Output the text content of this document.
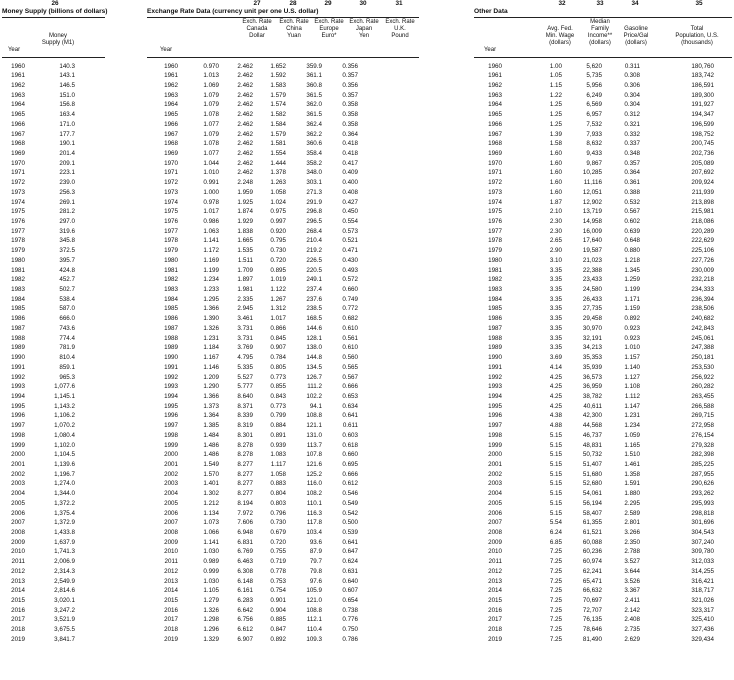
26
Money Supply (billions of dollars)
Money
Supply (M1)
Year
1960	140.3
1961	143.1
1962	146.5
1963	151.0
1964	156.8
1965	163.4
1966	171.0
1967	177.7
1968	190.1
1969	201.4
1970	209.1
1971	223.1
1972	239.0
1973	256.3
1974	269.1
1975	281.2
1976	297.0
1977	319.6
1978	345.8
1979	372.5
1980	395.7
1981	424.8
1982	452.7
1983	502.7
1984	538.4
1985	587.0
1986	666.0
1987	743.6
1988	774.4
1989	781.9
1990	810.4
1991	859.1
1992	965.3
1993	1,077.6
1994	1,145.1
1995	1,143.2
1996	1,106.2
1997	1,070.2
1998	1,080.4
1999	1,102.0
2000	1,104.5
2001	1,139.6
2002	1,196.7
2003	1,274.0
2004	1,344.0
2005	1,372.2
2006	1,375.4
2007	1,372.9
2008	1,433.8
2009	1,637.9
2010	1,741.3
2011	2,006.9
2012	2,314.3
2013	2,549.9
2014	2,814.6
2015	3,020.1
2016	3,247.2
2017	3,521.9
2018	3,675.5
2019	3,841.7
27	28	29	30	31
Exchange Rate Data (currency unit per one U.S. dollar)
Exch. Rate
Canada
Dollar
Exch. Rate
China
Yuan
Exch. Rate
Europe
Euro*
Exch. Rate
Japan
Yen
Exch. Rate
U.K.
Pound
Year
1960	0.970	2.462	1.652	359.9	0.356
1961	1.013	2.462	1.592	361.1	0.357
1962	1.069	2.462	1.583	360.8	0.356
1963	1.079	2.462	1.579	361.5	0.357
1964	1.079	2.462	1.574	362.0	0.358
1965	1.078	2.462	1.582	361.5	0.358
1966	1.077	2.462	1.584	362.4	0.358
1967	1.079	2.462	1.579	362.2	0.364
1968	1.078	2.462	1.581	360.6	0.418
1969	1.077	2.462	1.554	358.4	0.418
1970	1.044	2.462	1.444	358.2	0.417
1971	1.010	2.462	1.378	348.0	0.409
1972	0.991	2.248	1.263	303.1	0.400
1973	1.000	1.959	1.058	271.3	0.408
1974	0.978	1.925	1.024	291.9	0.427
1975	1.017	1.874	0.975	296.8	0.450
1976	0.986	1.929	0.997	296.5	0.554
1977	1.063	1.838	0.920	268.4	0.573
1978	1.141	1.665	0.795	210.4	0.521
1979	1.172	1.535	0.730	219.2	0.471
1980	1.169	1.511	0.720	226.5	0.430
1981	1.199	1.709	0.895	220.5	0.493
1982	1.234	1.897	1.019	249.1	0.572
1983	1.233	1.981	1.122	237.4	0.660
1984	1.295	2.335	1.267	237.6	0.749
1985	1.366	2.945	1.312	238.5	0.772
1986	1.390	3.461	1.017	168.5	0.682
1987	1.326	3.731	0.866	144.6	0.610
1988	1.231	3.731	0.845	128.1	0.561
1989	1.184	3.769	0.907	138.0	0.610
1990	1.167	4.795	0.784	144.8	0.560
1991	1.146	5.335	0.805	134.5	0.565
1992	1.209	5.527	0.773	126.7	0.567
1993	1.290	5.777	0.855	111.2	0.666
1994	1.366	8.640	0.843	102.2	0.653
1995	1.373	8.371	0.773	94.1	0.634
1996	1.364	8.339	0.799	108.8	0.641
1997	1.385	8.319	0.884	121.1	0.611
1998	1.484	8.301	0.891	131.0	0.603
1999	1.486	8.278	0.939	113.7	0.618
2000	1.486	8.278	1.083	107.8	0.660
2001	1.549	8.277	1.117	121.6	0.695
2002	1.570	8.277	1.058	125.2	0.666
2003	1.401	8.277	0.883	116.0	0.612
2004	1.302	8.277	0.804	108.2	0.546
2005	1.212	8.194	0.803	110.1	0.549
2006	1.134	7.972	0.796	116.3	0.542
2007	1.073	7.606	0.730	117.8	0.500
2008	1.066	6.948	0.679	103.4	0.539
2009	1.141	6.831	0.720	93.6	0.641
2010	1.030	6.769	0.755	87.9	0.647
2011	0.989	6.463	0.719	79.7	0.624
2012	0.999	6.308	0.778	79.8	0.631
2013	1.030	6.148	0.753	97.6	0.640
2014	1.105	6.161	0.754	105.9	0.607
2015	1.279	6.283	0.901	121.0	0.654
2016	1.326	6.642	0.904	108.8	0.738
2017	1.298	6.756	0.885	112.1	0.776
2018	1.296	6.612	0.847	110.4	0.750
2019	1.329	6.907	0.892	109.3	0.786
32	33	34	35
Other Data
Avg. Fed.
Min. Wage
(dollars)
Median
Family
Income**
(dollars)
Gasoline
Price/Gal
(dollars)
Total
Population, U.S.
(thousands)
Year
1960	1.00	5,620	0.311	180,760
1961	1.05	5,735	0.308	183,742
1962	1.15	5,956	0.306	186,591
1963	1.22	6,249	0.304	189,300
1964	1.25	6,569	0.304	191,927
1965	1.25	6,957	0.312	194,347
1966	1.25	7,532	0.321	196,599
1967	1.39	7,933	0.332	198,752
1968	1.58	8,632	0.337	200,745
1969	1.60	9,433	0.348	202,736
1970	1.60	9,867	0.357	205,089
1971	1.60	10,285	0.364	207,692
1972	1.60	11,116	0.361	209,924
1973	1.60	12,051	0.388	211,939
1974	1.87	12,902	0.532	213,898
1975	2.10	13,719	0.567	215,981
1976	2.30	14,958	0.602	218,086
1977	2.30	16,009	0.639	220,289
1978	2.65	17,640	0.648	222,629
1979	2.90	19,587	0.880	225,106
1980	3.10	21,023	1.218	227,726
1981	3.35	22,388	1.345	230,009
1982	3.35	23,433	1.259	232,218
1983	3.35	24,580	1.199	234,333
1984	3.35	26,433	1.171	236,394
1985	3.35	27,735	1.159	238,506
1986	3.35	29,458	0.892	240,682
1987	3.35	30,970	0.923	242,843
1988	3.35	32,191	0.923	245,061
1989	3.35	34,213	1.010	247,388
1990	3.69	35,353	1.157	250,181
1991	4.14	35,939	1.140	253,530
1992	4.25	36,573	1.127	256,922
1993	4.25	36,959	1.108	260,282
1994	4.25	38,782	1.112	263,455
1995	4.25	40,611	1.147	266,588
1996	4.38	42,300	1.231	269,715
1997	4.88	44,568	1.234	272,958
1998	5.15	46,737	1.059	276,154
1999	5.15	48,831	1.165	279,328
2000	5.15	50,732	1.510	282,398
2001	5.15	51,407	1.461	285,225
2002	5.15	51,680	1.358	287,955
2003	5.15	52,680	1.591	290,626
2004	5.15	54,061	1.880	293,262
2005	5.15	56,194	2.295	295,993
2006	5.15	58,407	2.589	298,818
2007	5.54	61,355	2.801	301,696
2008	6.24	61,521	3.266	304,543
2009	6.85	60,088	2.350	307,240
2010	7.25	60,236	2.788	309,780
2011	7.25	60,974	3.527	312,033
2012	7.25	62,241	3.644	314,255
2013	7.25	65,471	3.526	316,421
2014	7.25	66,632	3.367	318,717
2015	7.25	70,697	2.411	321,026
2016	7.25	72,707	2.142	323,317
2017	7.25	76,135	2.408	325,410
2018	7.25	78,646	2.735	327,436
2019	7.25	81,490	2.629	329,434
